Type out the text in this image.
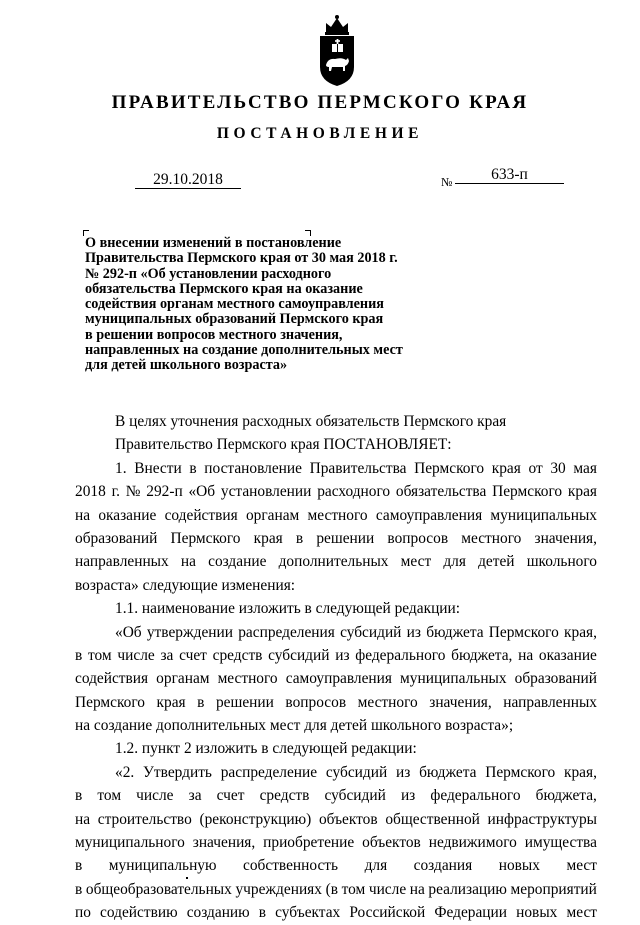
ПРАВИТЕЛЬСТВО ПЕРМСКОГО КРАЯ
ПОСТАНОВЛЕНИЕ
29.10.2018	№	633-п

О внесении изменений в постановление
Правительства Пермского края от 30 мая 2018 г.
№ 292-п «Об установлении расходного
обязательства Пермского края на оказание
содействия органам местного самоуправления
муниципальных образований Пермского края
в решении вопросов местного значения,
направленных на создание дополнительных мест
для детей школьного возраста»

В целях уточнения расходных обязательств Пермского края
Правительство Пермского края ПОСТАНОВЛЯЕТ:
1. Внести в постановление Правительства Пермского края от 30 мая
2018 г. № 292-п «Об установлении расходного обязательства Пермского края
на оказание содействия органам местного самоуправления муниципальных
образований Пермского края в решении вопросов местного значения,
направленных на создание дополнительных мест для детей школьного
возраста» следующие изменения:
1.1. наименование изложить в следующей редакции:
«Об утверждении распределения субсидий из бюджета Пермского края,
в том числе за счет средств субсидий из федерального бюджета, на оказание
содействия органам местного самоуправления муниципальных образований
Пермского края в решении вопросов местного значения, направленных
на создание дополнительных мест для детей школьного возраста»;
1.2. пункт 2 изложить в следующей редакции:
«2. Утвердить распределение субсидий из бюджета Пермского края,
в том числе за счет средств субсидий из федерального бюджета,
на строительство (реконструкцию) объектов общественной инфраструктуры
муниципального значения, приобретение объектов недвижимого имущества
в муниципальную собственность для создания новых мест
в общеобразовательных учреждениях (в том числе на реализацию мероприятий
по содействию созданию в субъектах Российской Федерации новых мест
